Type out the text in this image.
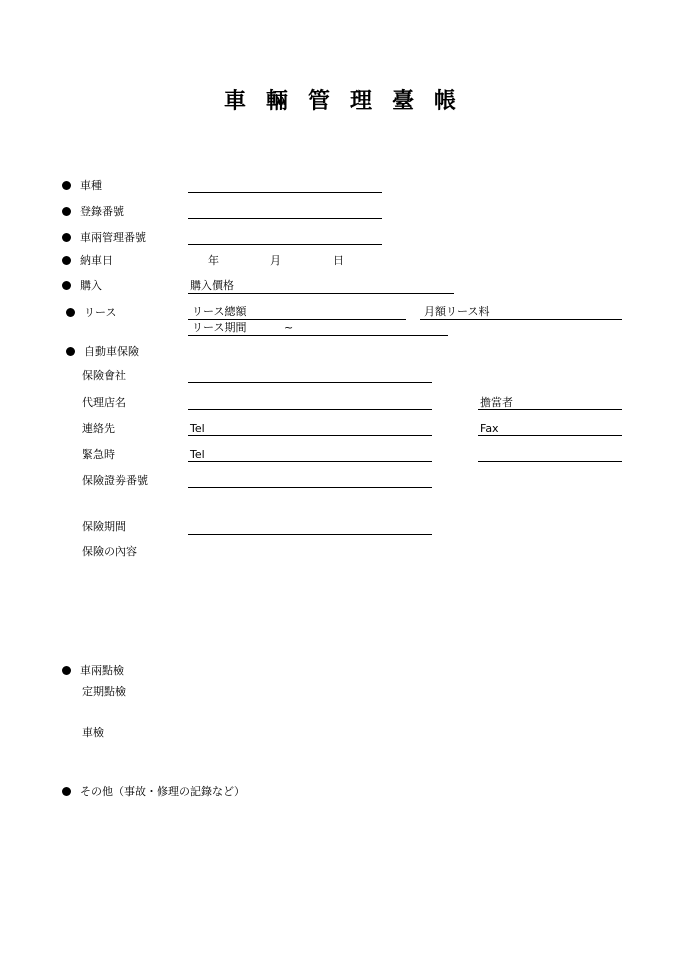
車 輛 管 理 臺 帳
車種
登錄番號
車兩管理番號
納車日	年	月	日
購入	購入價格
リース	リース總額	月額リース料
リース期間	~
自動車保險
保險會社
代理店名	擔當者
連絡先	Tel	Fax
緊急時	Tel
保險證劵番號
保險期間
保險の內容
車兩點檢
定期點檢
車檢
その他（事故・修理の記錄など）
